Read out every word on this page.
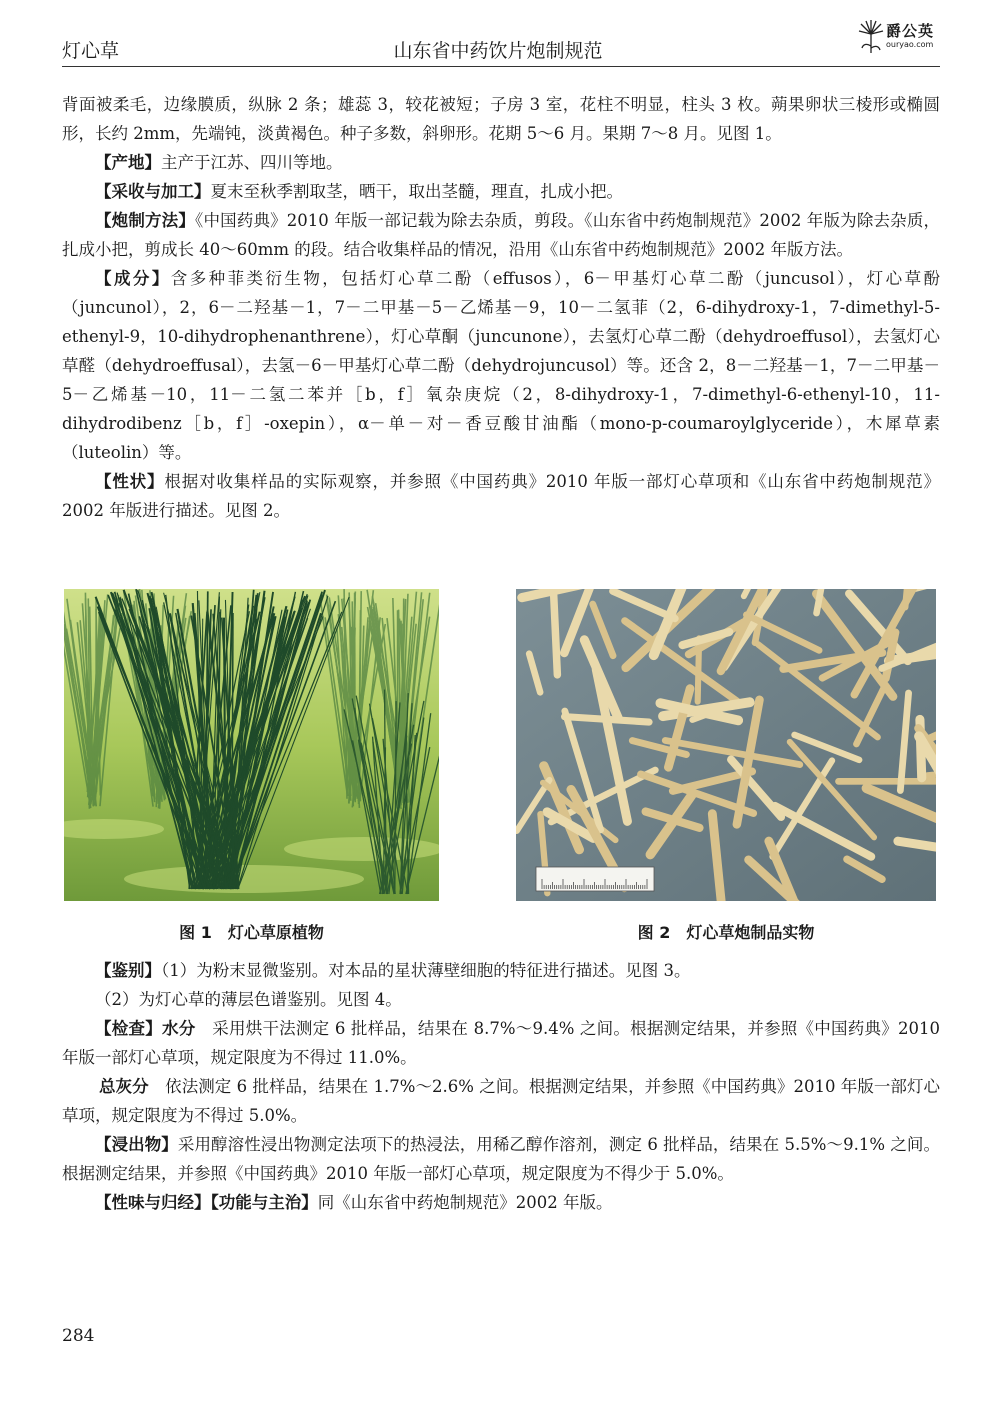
灯心草	山东省中药饮片炮制规范
爵公英
ouryao.com

背面被柔毛，边缘膜质，纵脉 2 条；雄蕊 3，较花被短；子房 3 室，花柱不明显，柱头 3 枚。蒴果卵状三棱形或椭圆形，长约 2mm，先端钝，淡黄褐色。种子多数，斜卵形。花期 5～6 月。果期 7～8 月。见图 1。

【产地】主产于江苏、四川等地。

【采收与加工】夏末至秋季割取茎，晒干，取出茎髓，理直，扎成小把。

【炮制方法】《中国药典》2010 年版一部记载为除去杂质，剪段。《山东省中药炮制规范》2002 年版为除去杂质，扎成小把，剪成长 40～60mm 的段。结合收集样品的情况，沿用《山东省中药炮制规范》2002 年版方法。

【成分】含多种菲类衍生物，包括灯心草二酚（effusos），6－甲基灯心草二酚（juncusol），灯心草酚（juncunol），2，6－二羟基－1，7－二甲基－5－乙烯基－9，10－二氢菲（2，6-dihydroxy-1，7-dimethyl-5-ethenyl-9，10-dihydrophenanthrene），灯心草酮（juncunone），去氢灯心草二酚（dehydroeffusol），去氢灯心草醛（dehydroeffusal），去氢－6－甲基灯心草二酚（dehydrojuncusol）等。还含 2，8－二羟基－1，7－二甲基－5－乙烯基－10，11－二氢二苯并［b，f］氧杂庚烷（2，8-dihydroxy-1，7-dimethyl-6-ethenyl-10，11-dihydrodibenz［b，f］-oxepin），α－单－对－香豆酸甘油酯（mono-p-coumaroylglyceride），木犀草素（luteolin）等。

【性状】根据对收集样品的实际观察，并参照《中国药典》2010 年版一部灯心草项和《山东省中药炮制规范》2002 年版进行描述。见图 2。

图 1 灯心草原植物	图 2 灯心草炮制品实物

【鉴别】（1）为粉末显微鉴别。对本品的星状薄壁细胞的特征进行描述。见图 3。

（2）为灯心草的薄层色谱鉴别。见图 4。

【检查】水分　采用烘干法测定 6 批样品，结果在 8.7%～9.4% 之间。根据测定结果，并参照《中国药典》2010 年版一部灯心草项，规定限度为不得过 11.0%。

总灰分　依法测定 6 批样品，结果在 1.7%～2.6% 之间。根据测定结果，并参照《中国药典》2010 年版一部灯心草项，规定限度为不得过 5.0%。

【浸出物】采用醇溶性浸出物测定法项下的热浸法，用稀乙醇作溶剂，测定 6 批样品，结果在 5.5%～9.1% 之间。根据测定结果，并参照《中国药典》2010 年版一部灯心草项，规定限度为不得少于 5.0%。

【性味与归经】【功能与主治】同《山东省中药炮制规范》2002 年版。

284
